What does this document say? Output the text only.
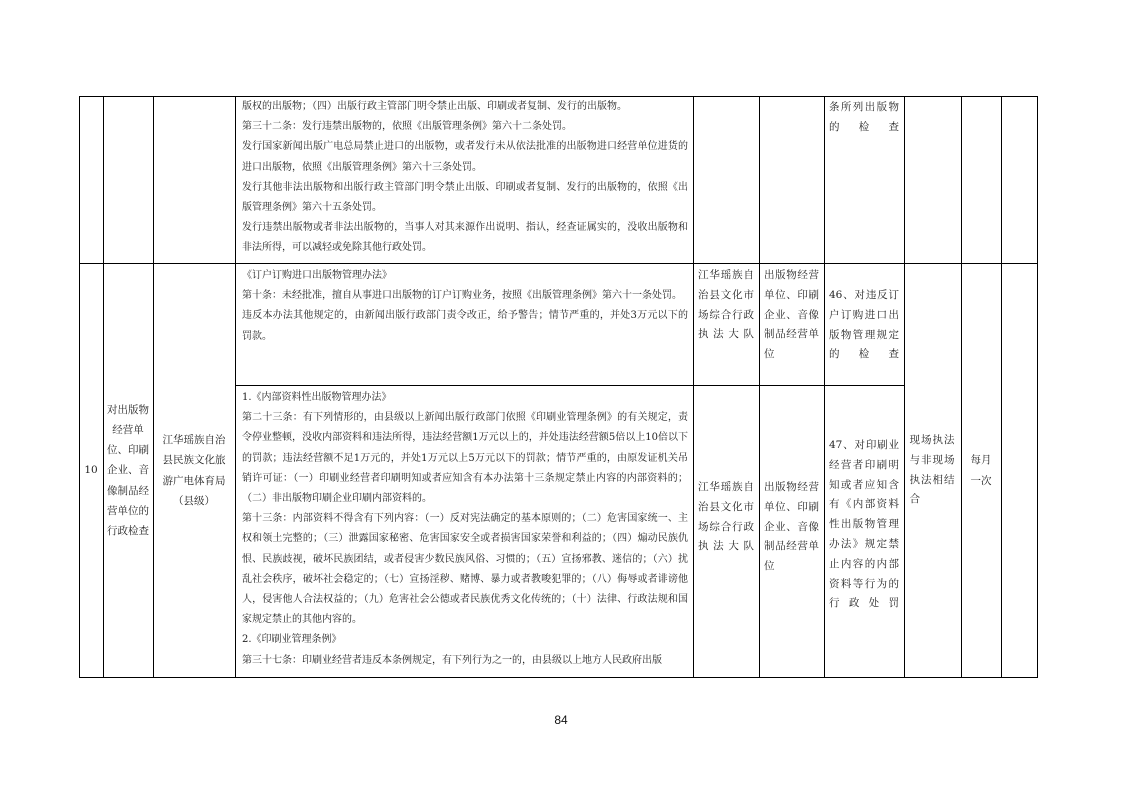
版权的出版物；（四）出版行政主管部门明令禁止出版、印刷或者复制、发行的出版物。
第三十二条：发行违禁出版物的，依照《出版管理条例》第六十二条处罚。
发行国家新闻出版广电总局禁止进口的出版物，或者发行未从依法批准的出版物进口经营单位进货的进口出版物，依照《出版管理条例》第六十三条处罚。
发行其他非法出版物和出版行政主管部门明令禁止出版、印刷或者复制、发行的出版物的，依照《出版管理条例》第六十五条处罚。
发行违禁出版物或者非法出版物的，当事人对其来源作出说明、指认，经查证属实的，没收出版物和非法所得，可以减轻或免除其他行政处罚。
条所列出版物的检查
10
对出版物经营单位、印刷企业、音像制品经营单位的行政检查
江华瑶族自治县民族文化旅游广电体育局（县级）
现场执法与非现场执法相结合
每月一次
《订户订购进口出版物管理办法》
第十条：未经批准，擅自从事进口出版物的订户订购业务，按照《出版管理条例》第六十一条处罚。
违反本办法其他规定的，由新闻出版行政部门责令改正，给予警告；情节严重的，并处3万元以下的罚款。
江华瑶族自治县文化市场综合行政执法大队
出版物经营单位、印刷企业、音像制品经营单位
46、对违反订户订购进口出版物管理规定的检查
1.《内部资料性出版物管理办法》
第二十三条：有下列情形的，由县级以上新闻出版行政部门依照《印刷业管理条例》的有关规定，责令停业整顿，没收内部资料和违法所得，违法经营额1万元以上的，并处违法经营额5倍以上10倍以下的罚款；违法经营额不足1万元的，并处1万元以上5万元以下的罚款；情节严重的，由原发证机关吊销许可证：（一）印刷业经营者印刷明知或者应知含有本办法第十三条规定禁止内容的内部资料的；（二）非出版物印刷企业印刷内部资料的。
第十三条：内部资料不得含有下列内容：（一）反对宪法确定的基本原则的；（二）危害国家统一、主权和领土完整的；（三）泄露国家秘密、危害国家安全或者损害国家荣誉和利益的；（四）煽动民族仇恨、民族歧视，破坏民族团结，或者侵害少数民族风俗、习惯的；（五）宣扬邪教、迷信的；（六）扰乱社会秩序，破坏社会稳定的；（七）宣扬淫秽、赌博、暴力或者教唆犯罪的；（八）侮辱或者诽谤他人，侵害他人合法权益的；（九）危害社会公德或者民族优秀文化传统的；（十）法律、行政法规和国家规定禁止的其他内容的。
2.《印刷业管理条例》
第三十七条：印刷业经营者违反本条例规定，有下列行为之一的，由县级以上地方人民政府出版
江华瑶族自治县文化市场综合行政执法大队
出版物经营单位、印刷企业、音像制品经营单位
47、对印刷业经营者印刷明知或者应知含有《内部资料性出版物管理办法》规定禁止内容的内部资料等行为的行政处罚
84
